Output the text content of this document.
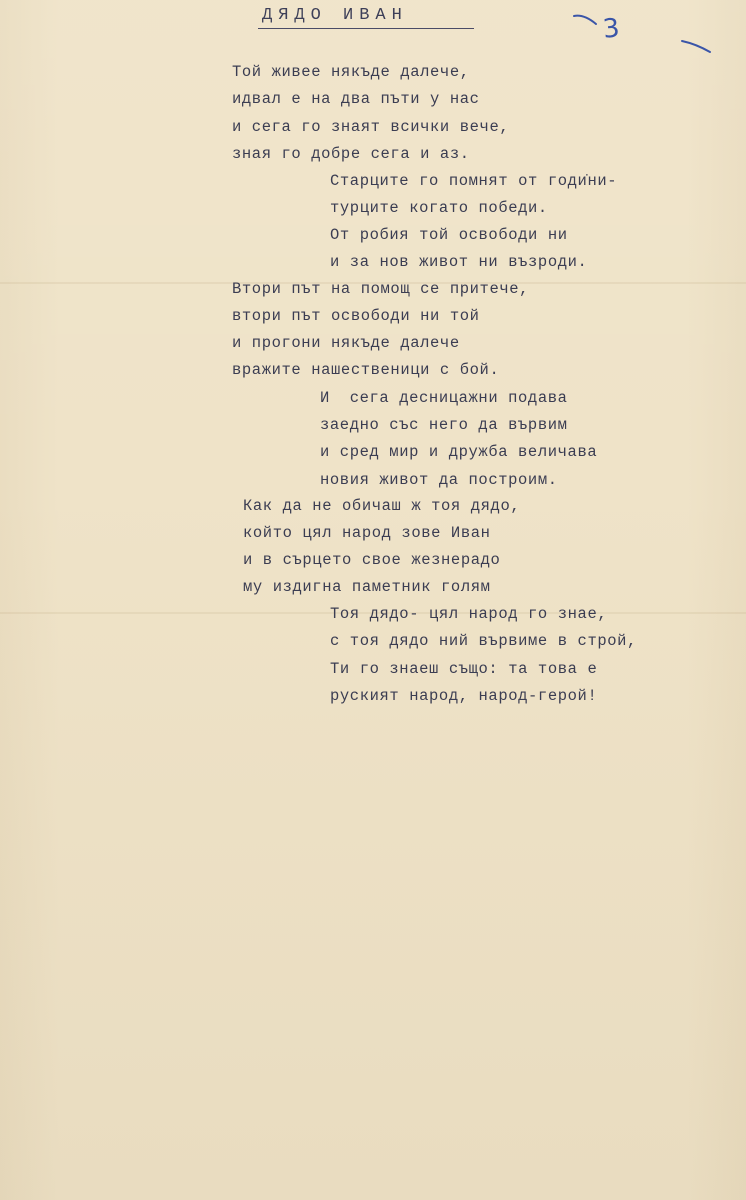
ДЯДО ИВАН	3

Той живее някъде далече,

идвал е на два пъти у нас

и сега го знаят всички вече,

зная го добре сега и аз.

Старците го помнят от годи̇ни-

турците когато победи.

От робия той освободи ни

и за нов живот ни възроди.

Втори път на помощ се притече,

втори път освободи ни той

и прогони някъде далече

вражите нашественици с бой.

И  сега десницажни подава

заедно със него да вървим

и сред мир и дружба величава

новия живот да построим.

Как да не обичаш ж тоя дядо,

който цял народ зове Иван

и в сърцето свое жезнерадо

му издигна паметник голям

Тоя дядо- цял народ го знае,

с тоя дядо ний вървиме в строй,

Ти го знаеш също: та това е

руският народ, народ-герой!
